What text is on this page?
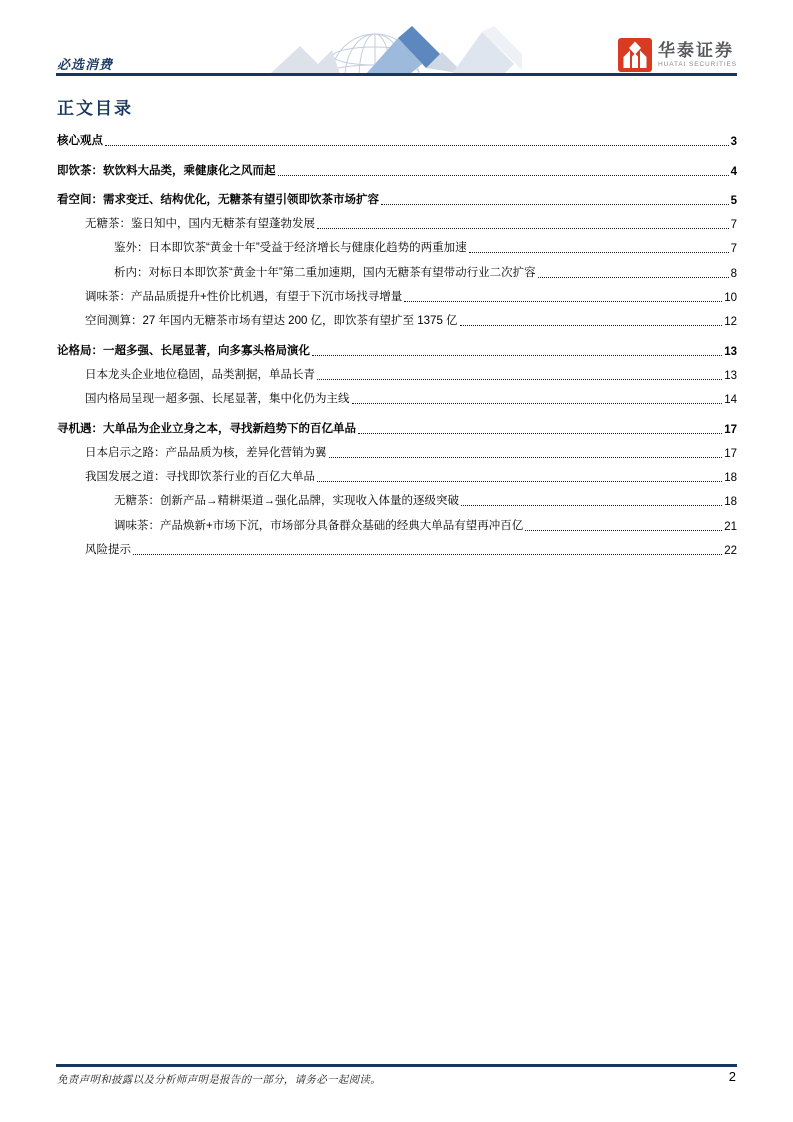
必选消费
华泰证券
HUATAI SECURITIES
正文目录
核心观点	3
即饮茶：软饮料大品类，乘健康化之风而起	4
看空间：需求变迁、结构优化，无糖茶有望引领即饮茶市场扩容	5
无糖茶：鉴日知中，国内无糖茶有望蓬勃发展	7
鉴外：日本即饮茶“黄金十年”受益于经济增长与健康化趋势的两重加速	7
析内：对标日本即饮茶“黄金十年”第二重加速期，国内无糖茶有望带动行业二次扩容	8
调味茶：产品品质提升+性价比机遇，有望于下沉市场找寻增量	10
空间测算：27 年国内无糖茶市场有望达 200 亿，即饮茶有望扩至 1375 亿	12
论格局：一超多强、长尾显著，向多寡头格局演化	13
日本龙头企业地位稳固，品类割据，单品长青	13
国内格局呈现一超多强、长尾显著，集中化仍为主线	14
寻机遇：大单品为企业立身之本，寻找新趋势下的百亿单品	17
日本启示之路：产品品质为核，差异化营销为翼	17
我国发展之道：寻找即饮茶行业的百亿大单品	18
无糖茶：创新产品→精耕渠道→强化品牌，实现收入体量的逐级突破	18
调味茶：产品焕新+市场下沉，市场部分具备群众基础的经典大单品有望再冲百亿	21
风险提示	22
免责声明和披露以及分析师声明是报告的一部分，请务必一起阅读。	2
